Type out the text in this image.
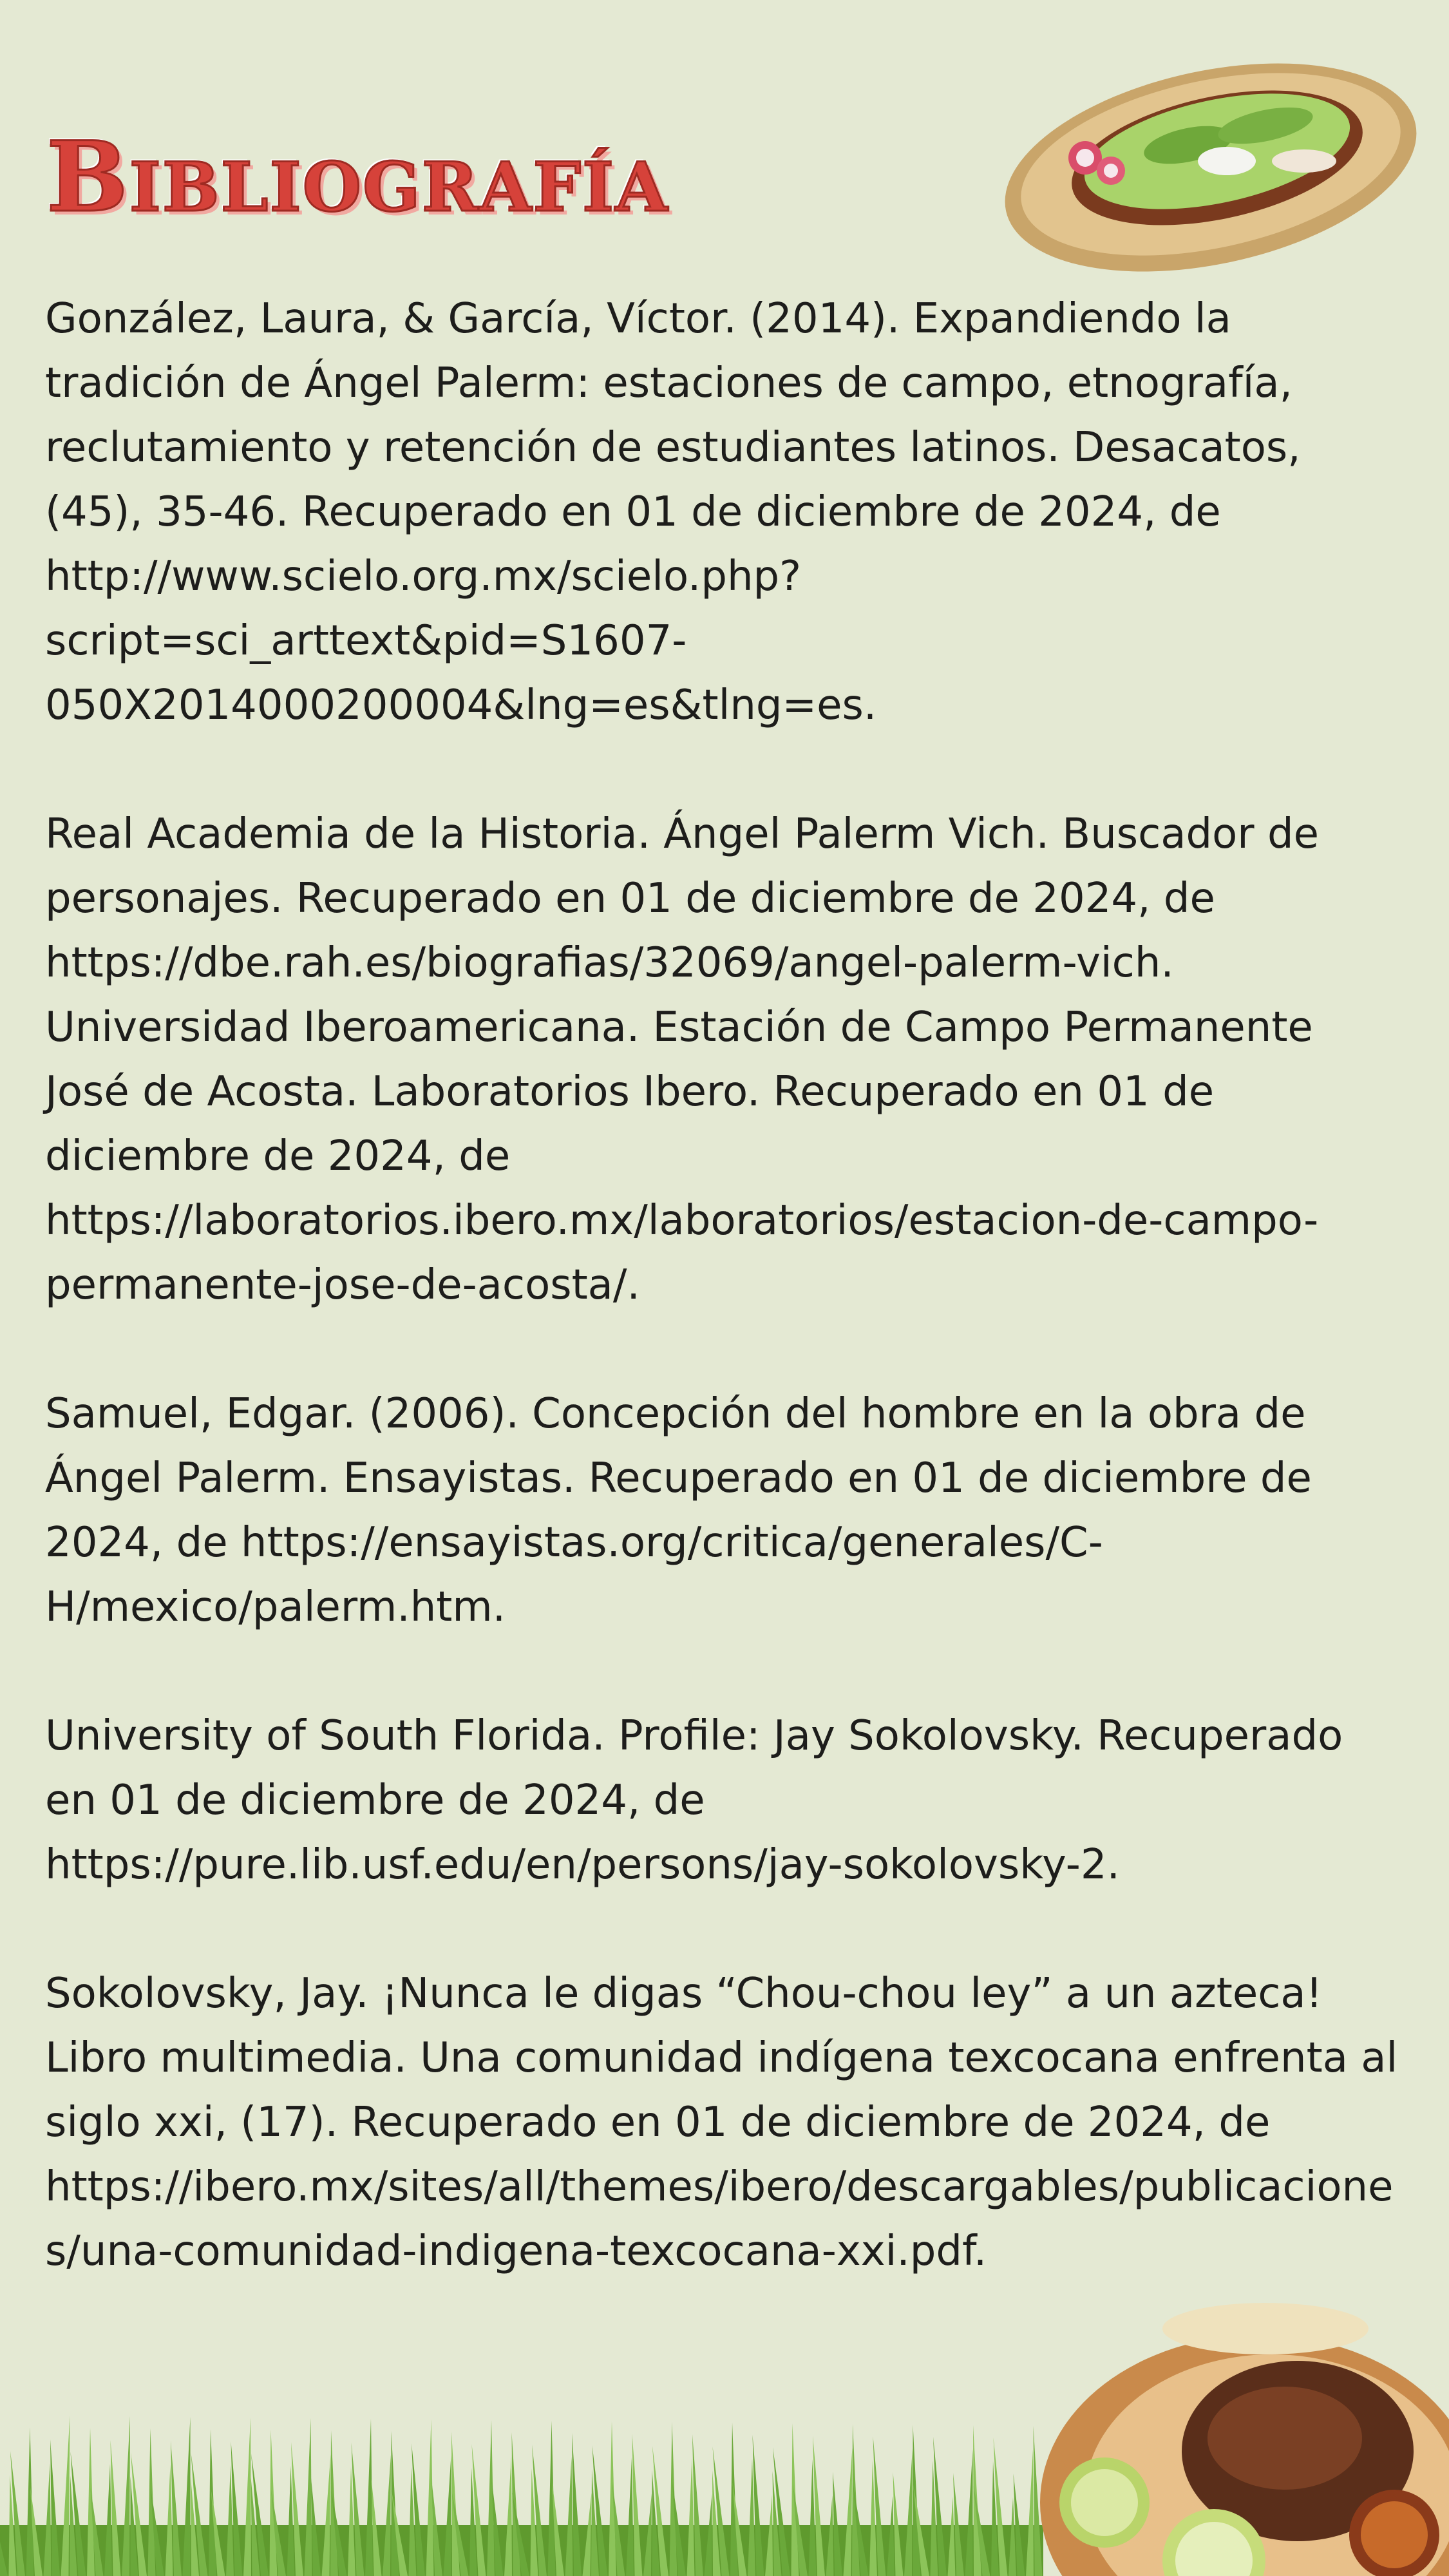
Bibliografía

González, Laura, & García, Víctor. (2014). Expandiendo la tradición de Ángel Palerm: estaciones de campo, etnografía, reclutamiento y retención de estudiantes latinos. Desacatos, (45), 35-46. Recuperado en 01 de diciembre de 2024, de http://www.scielo.org.mx/scielo.php?script=sci_arttext&pid=S1607-050X2014000200004&lng=es&tlng=es.

Real Academia de la Historia. Ángel Palerm Vich. Buscador de personajes. Recuperado en 01 de diciembre de 2024, de https://dbe.rah.es/biografias/32069/angel-palerm-vich. Universidad Iberoamericana. Estación de Campo Permanente José de Acosta. Laboratorios Ibero. Recuperado en 01 de diciembre de 2024, de https://laboratorios.ibero.mx/laboratorios/estacion-de-campo-permanente-jose-de-acosta/.

Samuel, Edgar. (2006). Concepción del hombre en la obra de Ángel Palerm. Ensayistas. Recuperado en 01 de diciembre de 2024, de https://ensayistas.org/critica/generales/C-H/mexico/palerm.htm.

University of South Florida. Profile: Jay Sokolovsky. Recuperado en 01 de diciembre de 2024, de https://pure.lib.usf.edu/en/persons/jay-sokolovsky-2.

Sokolovsky, Jay. ¡Nunca le digas “Chou-chou ley” a un azteca! Libro multimedia. Una comunidad indígena texcocana enfrenta al siglo xxi, (17). Recuperado en 01 de diciembre de 2024, de https://ibero.mx/sites/all/themes/ibero/descargables/publicaciones/una-comunidad-indigena-texcocana-xxi.pdf.
